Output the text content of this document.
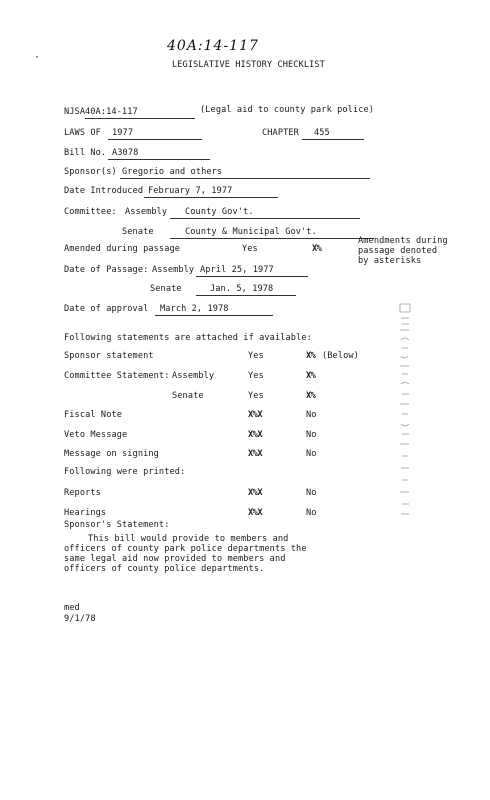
40A:14-117
·
LEGISLATIVE HISTORY CHECKLIST
NJSA 40A:14-117	(Legal aid to county park police)
LAWS OF 1977	CHAPTER 455
Bill No. A3078
Sponsor(s) Gregorio and others
Date Introduced February 7, 1977
Committee: Assembly County Gov't.
Senate	County & Municipal Gov't.
Amended during passage	Yes	X%
Amendments during
passage denoted
by asterisks
Date of Passage: Assembly April 25, 1977
Senate	Jan. 5, 1978
Date of approval March 2, 1978
Following statements are attached if available:
Sponsor statement	Yes	X% (Below)
Committee Statement: Assembly	Yes	X%
Senate	Yes	X%
Fiscal Note	X%X	No
Veto Message	X%X	No
Message on signing	X%X	No
Following were printed:
Reports	X%X	No
Hearings	X%X	No
Sponsor's Statement:
This bill would provide to members and
officers of county park police departments the
same legal aid now provided to members and
officers of county police departments.
med
9/1/78
